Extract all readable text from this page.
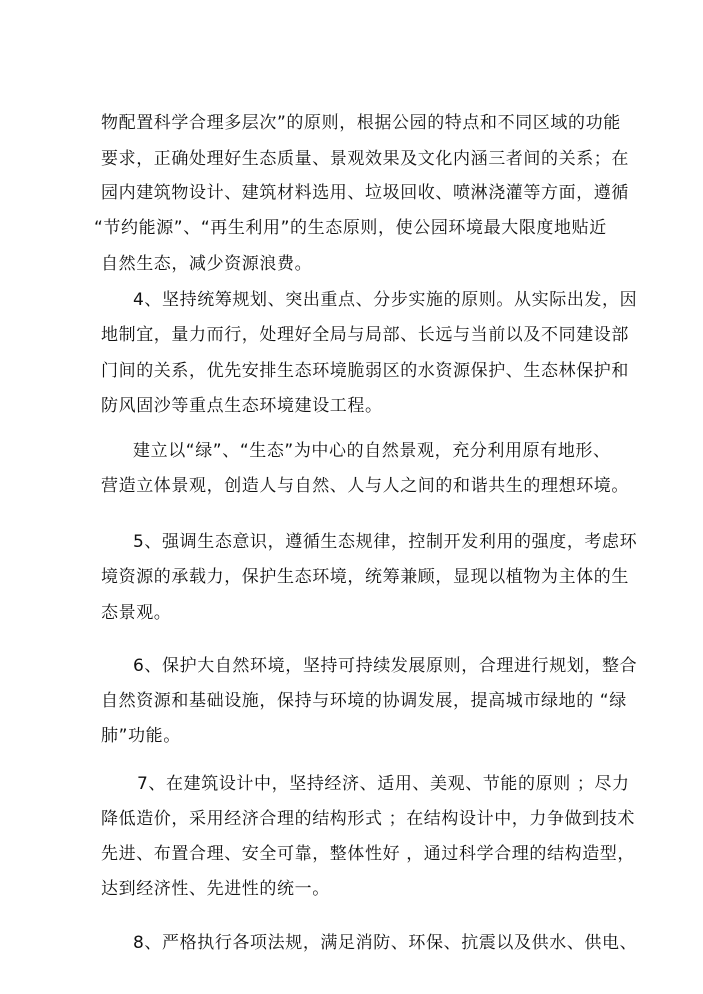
物配置科学合理多层次”的原则，根据公园的特点和不同区域的功能
要求，正确处理好生态质量、景观效果及文化内涵三者间的关系；在
园内建筑物设计、建筑材料选用、垃圾回收、喷淋浇灌等方面，遵循
“节约能源”、“再生利用”的生态原则，使公园环境最大限度地贴近
自然生态，减少资源浪费。
4、坚持统筹规划、突出重点、分步实施的原则。从实际出发，因
地制宜，量力而行，处理好全局与局部、长远与当前以及不同建设部
门间的关系，优先安排生态环境脆弱区的水资源保护、生态林保护和
防风固沙等重点生态环境建设工程。
建立以“绿”、“生态”为中心的自然景观，充分利用原有地形、
营造立体景观，创造人与自然、人与人之间的和谐共生的理想环境。
5、强调生态意识，遵循生态规律，控制开发利用的强度，考虑环
境资源的承载力，保护生态环境，统筹兼顾，显现以植物为主体的生
态景观。
6、保护大自然环境，坚持可持续发展原则，合理进行规划，整合
自然资源和基础设施，保持与环境的协调发展，提高城市绿地的 “绿
肺”功能。
7、在建筑设计中，坚持经济、适用、美观、节能的原则 ；尽力
降低造价，采用经济合理的结构形式 ；在结构设计中，力争做到技术
先进、布置合理、安全可靠，整体性好 ，通过科学合理的结构造型，
达到经济性、先进性的统一。
8、严格执行各项法规，满足消防、环保、抗震以及供水、供电、
